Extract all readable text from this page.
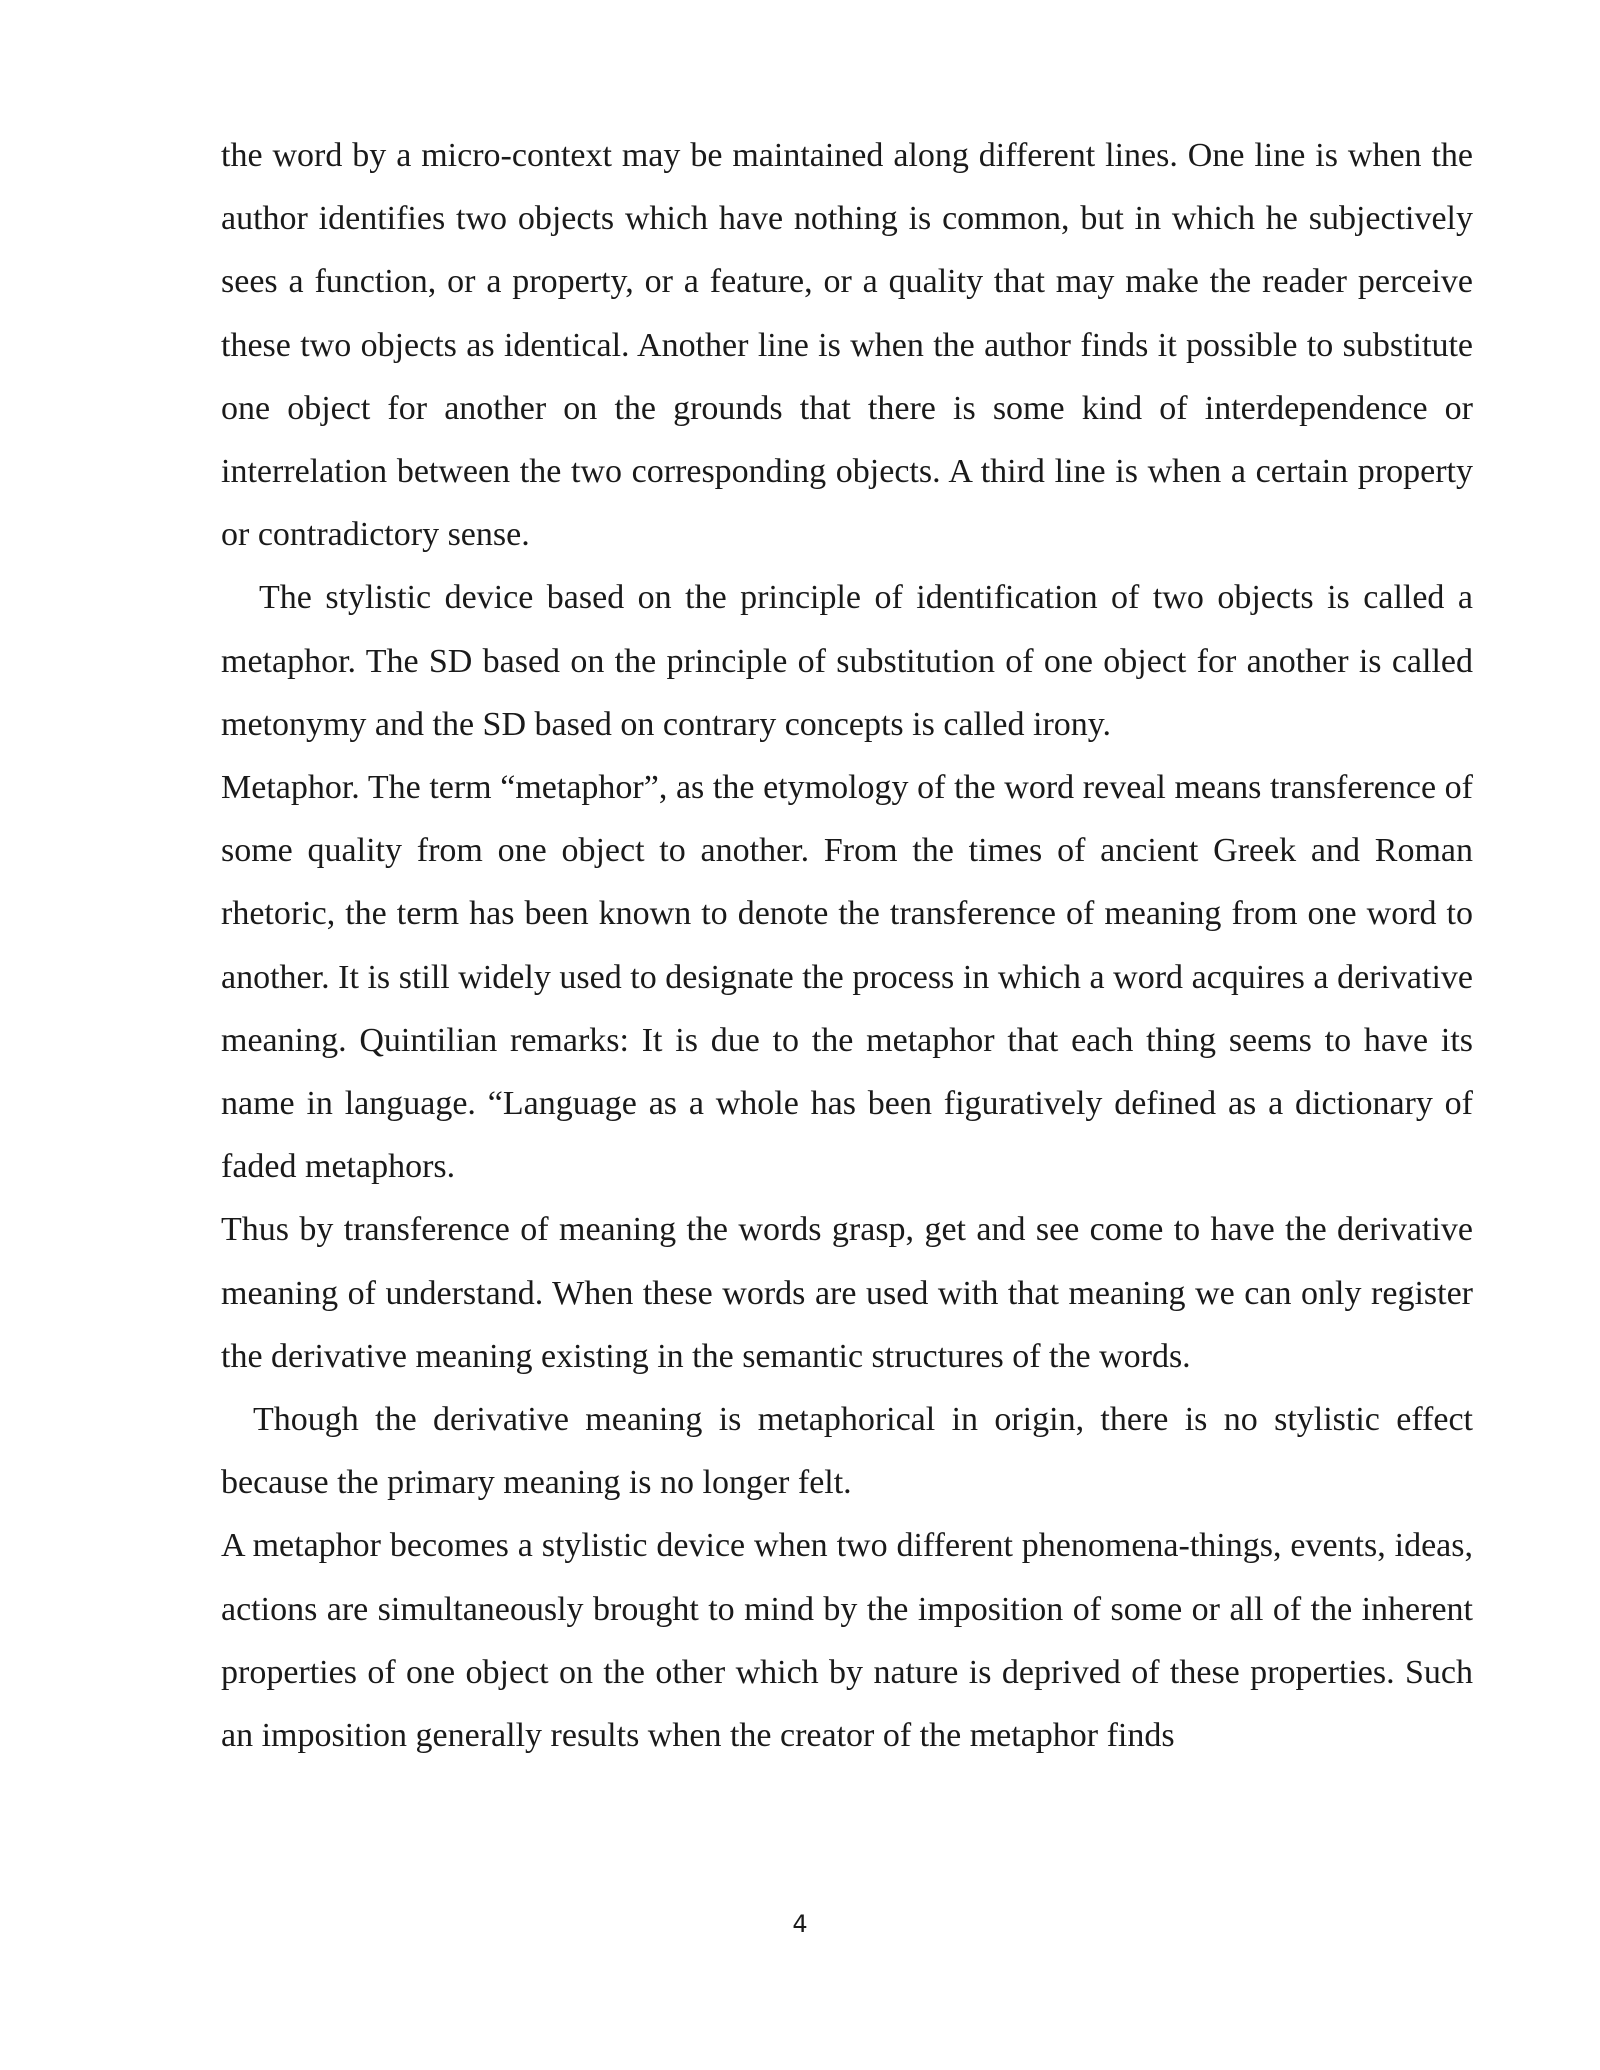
the word by a micro-context may be maintained along different lines. One line is when the author identifies two objects which have nothing is common, but in which he subjectively sees a function, or a property, or a feature, or a quality that may make the reader perceive these two objects as identical. Another line is when the author finds it possible to substitute one object for another on the grounds that there is some kind of interdependence or interrelation between the two corresponding objects. A third line is when a certain property or contradictory sense.

The stylistic device based on the principle of identification of two objects is called a metaphor. The SD based on the principle of substitution of one object for another is called metonymy and the SD based on contrary concepts is called irony.

Metaphor. The term “metaphor”, as the etymology of the word reveal means transference of some quality from one object to another. From the times of ancient Greek and Roman rhetoric, the term has been known to denote the transference of meaning from one word to another. It is still widely used to designate the process in which a word acquires a derivative meaning. Quintilian remarks: It is due to the metaphor that each thing seems to have its name in language. “Language as a whole has been figuratively defined as a dictionary of faded metaphors.

Thus by transference of meaning the words grasp, get and see come to have the derivative meaning of understand. When these words are used with that meaning we can only register the derivative meaning existing in the semantic structures of the words.

Though the derivative meaning is metaphorical in origin, there is no stylistic effect because the primary meaning is no longer felt.

A metaphor becomes a stylistic device when two different phenomena-things, events, ideas, actions are simultaneously brought to mind by the imposition of some or all of the inherent properties of one object on the other which by nature is deprived of these properties. Such an imposition generally results when the creator of the metaphor finds

4
